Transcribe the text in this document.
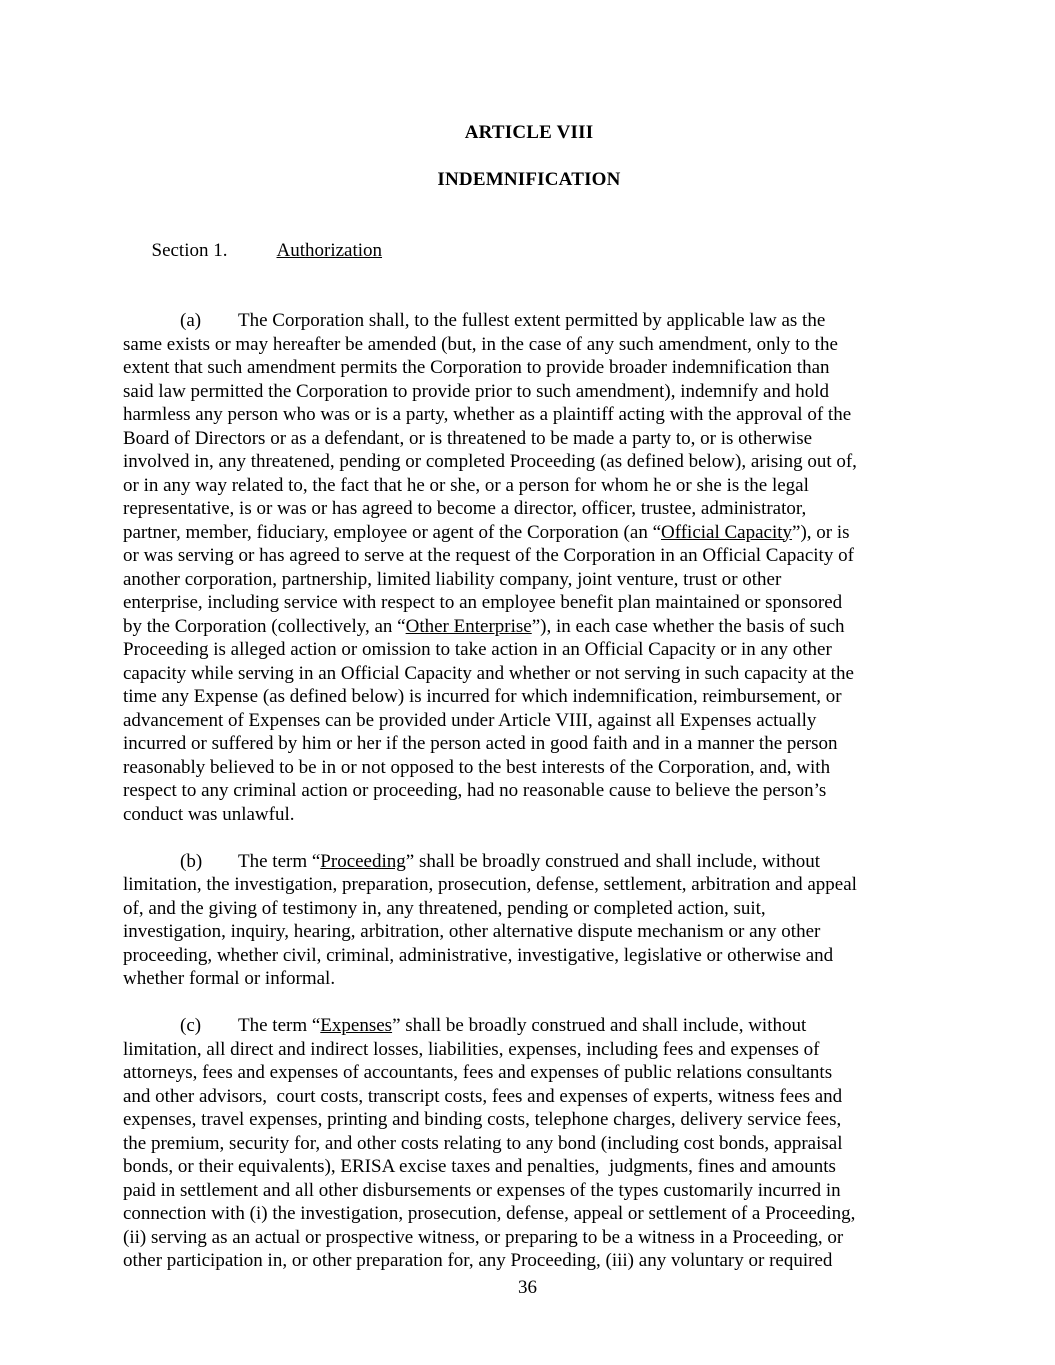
ARTICLE VIII
INDEMNIFICATION

Section 1.	Authorization

(a) The Corporation shall, to the fullest extent permitted by applicable law as the
same exists or may hereafter be amended (but, in the case of any such amendment, only to the
extent that such amendment permits the Corporation to provide broader indemnification than
said law permitted the Corporation to provide prior to such amendment), indemnify and hold
harmless any person who was or is a party, whether as a plaintiff acting with the approval of the
Board of Directors or as a defendant, or is threatened to be made a party to, or is otherwise
involved in, any threatened, pending or completed Proceeding (as defined below), arising out of,
or in any way related to, the fact that he or she, or a person for whom he or she is the legal
representative, is or was or has agreed to become a director, officer, trustee, administrator,
partner, member, fiduciary, employee or agent of the Corporation (an “Official Capacity”), or is
or was serving or has agreed to serve at the request of the Corporation in an Official Capacity of
another corporation, partnership, limited liability company, joint venture, trust or other
enterprise, including service with respect to an employee benefit plan maintained or sponsored
by the Corporation (collectively, an “Other Enterprise”), in each case whether the basis of such
Proceeding is alleged action or omission to take action in an Official Capacity or in any other
capacity while serving in an Official Capacity and whether or not serving in such capacity at the
time any Expense (as defined below) is incurred for which indemnification, reimbursement, or
advancement of Expenses can be provided under Article VIII, against all Expenses actually
incurred or suffered by him or her if the person acted in good faith and in a manner the person
reasonably believed to be in or not opposed to the best interests of the Corporation, and, with
respect to any criminal action or proceeding, had no reasonable cause to believe the person’s
conduct was unlawful.
(b) The term “Proceeding” shall be broadly construed and shall include, without
limitation, the investigation, preparation, prosecution, defense, settlement, arbitration and appeal
of, and the giving of testimony in, any threatened, pending or completed action, suit,
investigation, inquiry, hearing, arbitration, other alternative dispute mechanism or any other
proceeding, whether civil, criminal, administrative, investigative, legislative or otherwise and
whether formal or informal.
(c) The term “Expenses” shall be broadly construed and shall include, without
limitation, all direct and indirect losses, liabilities, expenses, including fees and expenses of
attorneys, fees and expenses of accountants, fees and expenses of public relations consultants
and other advisors,  court costs, transcript costs, fees and expenses of experts, witness fees and
expenses, travel expenses, printing and binding costs, telephone charges, delivery service fees,
the premium, security for, and other costs relating to any bond (including cost bonds, appraisal
bonds, or their equivalents), ERISA excise taxes and penalties,  judgments, fines and amounts
paid in settlement and all other disbursements or expenses of the types customarily incurred in
connection with (i) the investigation, prosecution, defense, appeal or settlement of a Proceeding,
(ii) serving as an actual or prospective witness, or preparing to be a witness in a Proceeding, or
other participation in, or other preparation for, any Proceeding, (iii) any voluntary or required
36
